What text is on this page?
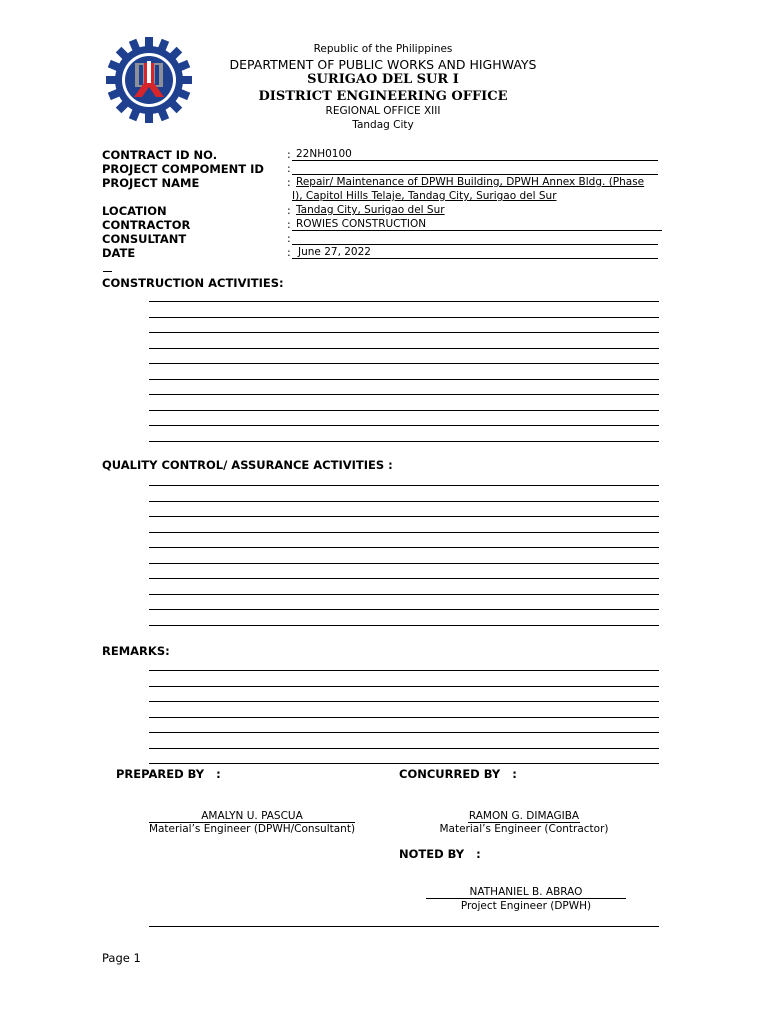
Republic of the Philippines
DEPARTMENT OF PUBLIC WORKS AND HIGHWAYS
SURIGAO DEL SUR I
DISTRICT ENGINEERING OFFICE
REGIONAL OFFICE XIII
Tandag City
CONTRACT ID NO.	: 22NH0100
PROJECT COMPOMENT ID :
PROJECT NAME	: Repair/ Maintenance of DPWH Building, DPWH Annex Bldg. (Phase
I), Capitol Hills Telaje, Tandag City, Surigao del Sur
LOCATION	: Tandag City, Surigao del Sur
CONTRACTOR	: ROWIES CONSTRUCTION
CONSULTANT	:
DATE	: June 27, 2022
CONSTRUCTION ACTIVITIES:
QUALITY CONTROL/ ASSURANCE ACTIVITIES :
REMARKS:
PREPARED BY   :	CONCURRED BY   :
AMALYN U. PASCUA
Material’s Engineer (DPWH/Consultant)
RAMON G. DIMAGIBA
Material’s Engineer (Contractor)
NOTED BY   :
NATHANIEL B. ABRAO
Project Engineer (DPWH)
Page 1
